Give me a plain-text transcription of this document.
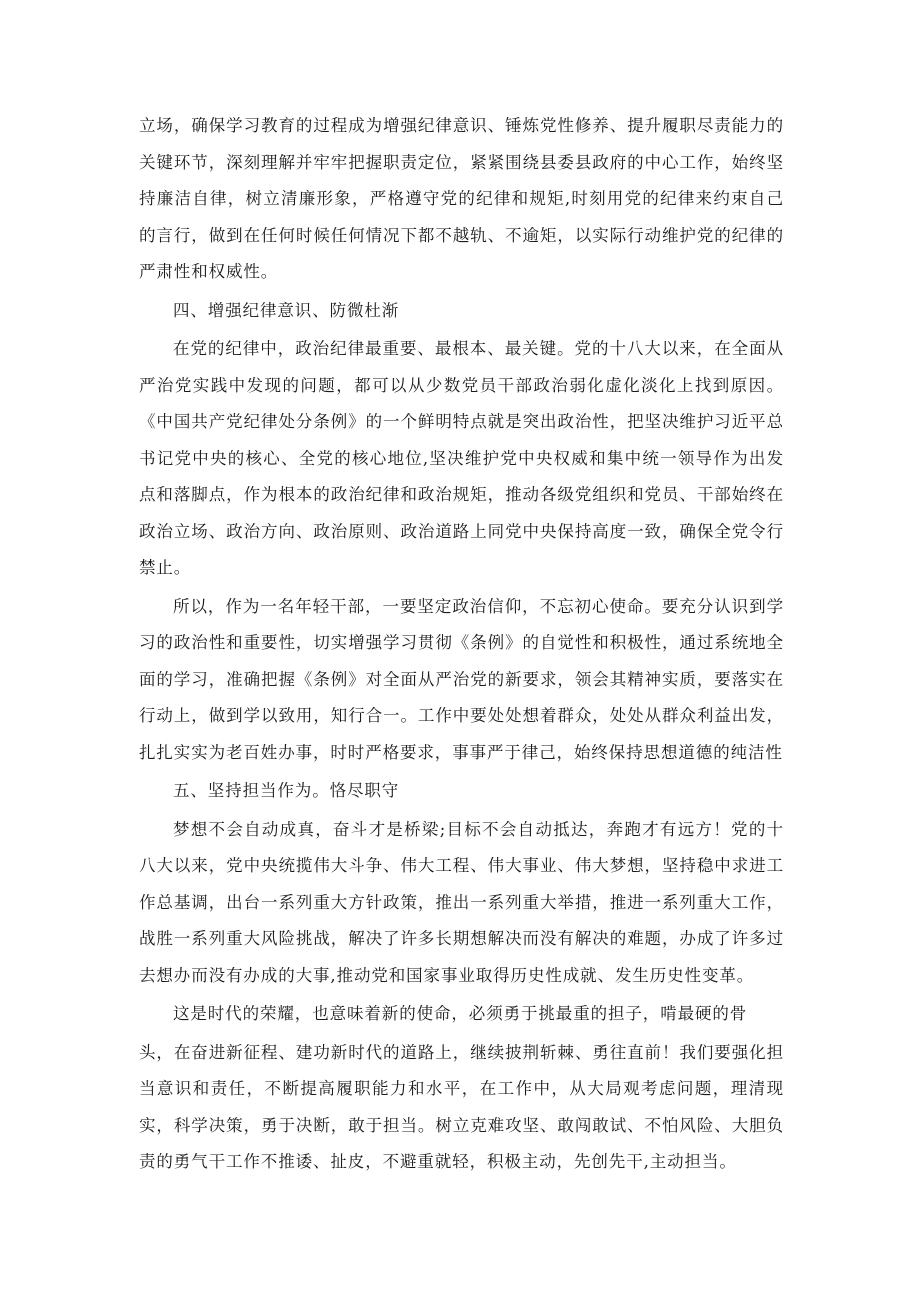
立场，确保学习教育的过程成为增强纪律意识、锤炼党性修养、提升履职尽责能力的关键环节，深刻理解并牢牢把握职责定位，紧紧围绕县委县政府的中心工作，始终坚持廉洁自律，树立清廉形象，严格遵守党的纪律和规矩,时刻用党的纪律来约束自己的言行，做到在任何时候任何情况下都不越轨、不逾矩，以实际行动维护党的纪律的严肃性和权威性。

四、增强纪律意识、防微杜渐

在党的纪律中，政治纪律最重要、最根本、最关键。党的十八大以来，在全面从严治党实践中发现的问题，都可以从少数党员干部政治弱化虚化淡化上找到原因。《中国共产党纪律处分条例》的一个鲜明特点就是突出政治性，把坚决维护习近平总书记党中央的核心、全党的核心地位,坚决维护党中央权威和集中统一领导作为出发点和落脚点，作为根本的政治纪律和政治规矩，推动各级党组织和党员、干部始终在政治立场、政治方向、政治原则、政治道路上同党中央保持高度一致，确保全党令行禁止。

所以，作为一名年轻干部，一要坚定政治信仰，不忘初心使命。要充分认识到学习的政治性和重要性，切实增强学习贯彻《条例》的自觉性和积极性，通过系统地全面的学习，准确把握《条例》对全面从严治党的新要求，领会其精神实质，要落实在行动上，做到学以致用，知行合一。工作中要处处想着群众，处处从群众利益出发，扎扎实实为老百姓办事，时时严格要求，事事严于律己，始终保持思想道德的纯洁性

五、坚持担当作为。恪尽职守

梦想不会自动成真，奋斗才是桥梁;目标不会自动抵达，奔跑才有远方！党的十八大以来，党中央统揽伟大斗争、伟大工程、伟大事业、伟大梦想，坚持稳中求进工作总基调，出台一系列重大方针政策，推出一系列重大举措，推进一系列重大工作，战胜一系列重大风险挑战，解决了许多长期想解决而没有解决的难题，办成了许多过去想办而没有办成的大事,推动党和国家事业取得历史性成就、发生历史性变革。

这是时代的荣耀，也意味着新的使命，必须勇于挑最重的担子，啃最硬的骨

头，在奋进新征程、建功新时代的道路上，继续披荆斩棘、勇往直前！我们要强化担当意识和责任，不断提高履职能力和水平，在工作中，从大局观考虑问题，理清现实，科学决策，勇于决断，敢于担当。树立克难攻坚、敢闯敢试、不怕风险、大胆负责的勇气干工作不推诿、扯皮，不避重就轻，积极主动，先创先干,主动担当。
